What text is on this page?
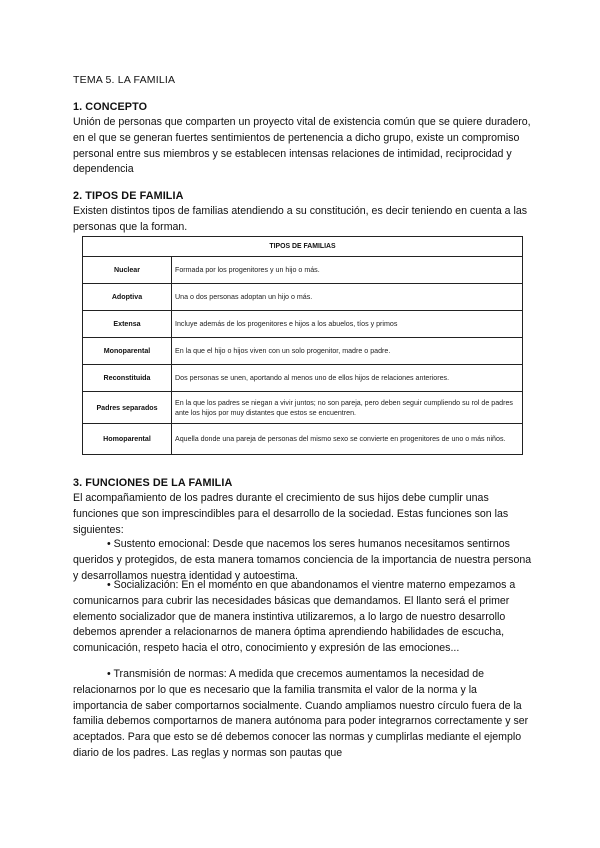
TEMA 5. LA FAMILIA
1. CONCEPTO
Unión de personas que comparten un proyecto vital de existencia común que se quiere duradero, en el que se generan fuertes sentimientos de pertenencia a dicho grupo, existe un compromiso personal entre sus miembros y se establecen intensas relaciones de intimidad, reciprocidad y dependencia
2. TIPOS DE FAMILIA
Existen distintos tipos de familias atendiendo a su constitución, es decir teniendo en cuenta a las personas que la forman.
TIPOS DE FAMILIAS	
Nuclear	Formada por los progenitores y un hijo o más.
Adoptiva	Una o dos personas adoptan un hijo o más.
Extensa	Incluye además de los progenitores e hijos a los abuelos, tíos y primos
Monoparental	En la que el hijo o hijos viven con un solo progenitor, madre o padre.
Reconstituida	Dos personas se unen, aportando al menos uno de ellos hijos de relaciones anteriores.
Padres separados	En la que los padres se niegan a vivir juntos; no son pareja, pero deben seguir cumpliendo su rol de padres ante los hijos por muy distantes que estos se encuentren.
Homoparental	Aquella donde una pareja de personas del mismo sexo se convierte en progenitores de uno o más niños.
3. FUNCIONES DE LA FAMILIA
El acompañamiento de los padres durante el crecimiento de sus hijos debe cumplir unas funciones que son imprescindibles para el desarrollo de la sociedad. Estas funciones son las siguientes:
• Sustento emocional: Desde que nacemos los seres humanos necesitamos sentirnos queridos y protegidos, de esta manera tomamos conciencia de la importancia de nuestra persona y desarrollamos nuestra identidad y autoestima.
• Socialización: En el momento en que abandonamos el vientre materno empezamos a comunicarnos para cubrir las necesidades básicas que demandamos. El llanto será el primer elemento socializador que de manera instintiva utilizaremos, a lo largo de nuestro desarrollo debemos aprender a relacionarnos de manera óptima aprendiendo habilidades de escucha, comunicación, respeto hacia el otro, conocimiento y expresión de las emociones...
• Transmisión de normas: A medida que crecemos aumentamos la necesidad de relacionarnos por lo que es necesario que la familia transmita el valor de la norma y la importancia de saber comportarnos socialmente. Cuando ampliamos nuestro círculo fuera de la familia debemos comportarnos de manera autónoma para poder integrarnos correctamente y ser aceptados. Para que esto se dé debemos conocer las normas y cumplirlas mediante el ejemplo diario de los padres. Las reglas y normas son pautas que
